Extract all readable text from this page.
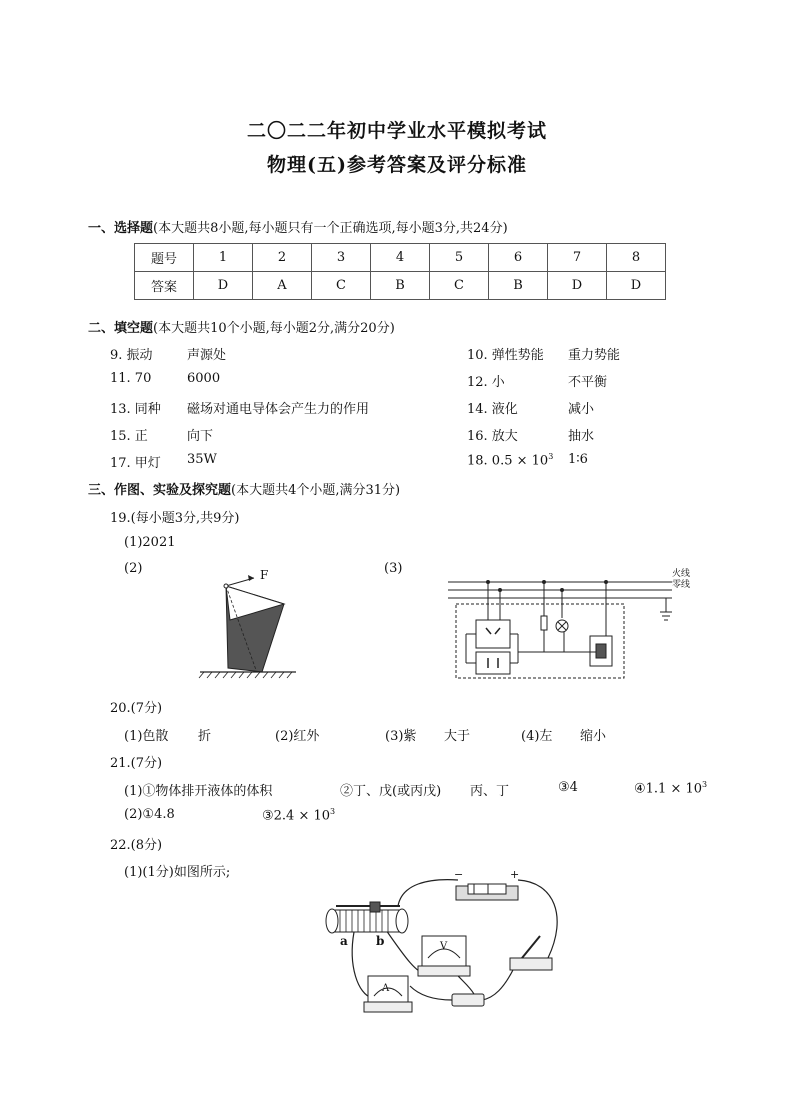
二〇二二年初中学业水平模拟考试
物理(五)参考答案及评分标准
一、选择题(本大题共8小题,每小题只有一个正确选项,每小题3分,共24分)
题号	1	2	3	4	5	6	7	8
答案	D	A	C	B	C	B	D	D
二、填空题(本大题共10个小题,每小题2分,满分20分)
9. 振动	声源处	10. 弹性势能 重力势能
11. 70	6000	12. 小	不平衡
13. 同种 磁场对通电导体会产生力的作用	14. 液化	减小
15. 正	向下	16. 放大	抽水
17. 甲灯 35W	18. $0.5 \times 10^3$ 1∶6
三、作图、实验及探究题(本大题共4个小题,满分31分)
19.(每小题3分,共9分)
(1)2021
(2)	(3)
F	火线
零线
20.(7分)
(1)色散 折	(2)红外	(3)紫 大于	(4)左 缩小
21.(7分)
(1)①物体排开液体的体积	②丁、戊(或丙戊) 丙、丁	③4	④1.1 × $10^3$
(2)①4.8	③2.4 × $10^3$
22.(8分)
(1)(1分)如图所示;
a b
−	+
V
A
